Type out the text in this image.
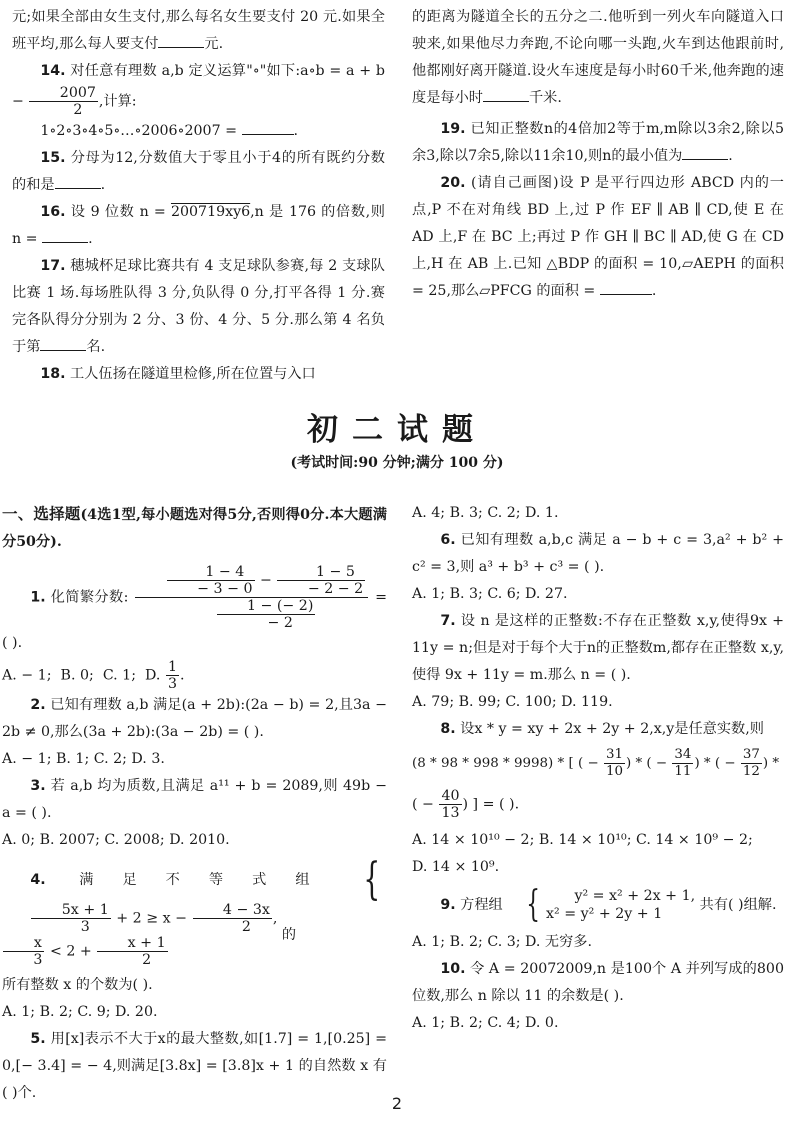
元;如果全部由女生支付,那么每名女生要支付 20 元.如果全班平均,那么每人要支付	元.

14. 对任意有理数 a,b 定义运算"∘"如下:a∘b = $a + b - \frac{2007}{2}$ ,计算:

1∘2∘3∘4∘5∘…∘2006∘2007 =	.

15. 分母为12,分数值大于零且小于4的所有既约分数的和是	.

16. 设 9 位数 n = 200719xy6,n 是 176 的倍数,则 n =	.

17. 穗城杯足球比赛共有 4 支足球队参赛,每 2 支球队比赛 1 场.每场胜队得 3 分,负队得 0 分,打平各得 1 分.赛完各队得分分别为 2 分、3 份、4 分、5 分.那么第 4 名负于第	名.

18. 工人伍扬在隧道里检修,所在位置与入口

的距离为隧道全长的五分之二.他听到一列火车向隧道入口驶来,如果他尽力奔跑,不论向哪一头跑,火车到达他跟前时,他都刚好离开隧道.设火车速度是每小时60千米,他奔跑的速度是每小时	千米.

19. 已知正整数n的4倍加2等于m,m除以3余2,除以5余3,除以7余5,除以11余10,则n的最小值为	.

20. (请自己画图)设 P 是平行四边形 ABCD 内的一点,P 不在对角线 BD 上,过 P 作 EF ∥ AB ∥ CD,使 E 在 AD 上,F 在 BC 上;再过 P 作 GH ∥ BC ∥ AD,使 G 在 CD 上,H 在 AB 上.已知 △BDP 的面积 = 10,▱AEPH 的面积 = 25,那么▱PFCG 的面积 =	.

初二试题
(考试时间:90 分钟;满分 100 分)

一、选择题(4选1型,每小题选对得5分,否则得0分.本大题满分50分).

1. 化简繁分数: $\frac{\frac{1 - 4}{- 3 - 0} - \frac{1 - 5}{- 2 - 2}}{\frac{1 - (- 2)}{- 2}}$ = ( ).

A. − 1; B. 0; C. 1; D. $\frac{1}{3}$ .

2. 已知有理数 a,b 满足(a + 2b):(2a − b) = 2,且3a − 2b ≠ 0,那么(3a + 2b):(3a − 2b) = ( ).

A. − 1; B. 1; C. 2; D. 3.

3. 若 a,b 均为质数,且满足 a¹¹ + b = 2089,则 49b − a = ( ).

A. 0; B. 2007; C. 2008; D. 2010.

4. 满足不等式组 {
$\frac{5x + 1}{3} + 2 \ge x - \frac{4 - 3x}{2}$ ,

$\frac{x}{3} < 2 + \frac{x + 1}{2}$	的

所有整数 x 的个数为( ).

A. 1; B. 2; C. 9; D. 20.

5. 用[x]表示不大于x的最大整数,如[1.7] = 1,[0.25] = 0,[− 3.4] = − 4,则满足[3.8x] = [3.8]x + 1 的自然数 x 有( )个.

A. 4; B. 3; C. 2; D. 1.

6. 已知有理数 a,b,c 满足 a − b + c = 3,a² + b² + c² = 3,则 a³ + b³ + c³ = ( ).

A. 1; B. 3; C. 6; D. 27.

7. 设 n 是这样的正整数:不存在正整数 x,y,使得9x + 11y = n;但是对于每个大于n的正整数m,都存在正整数 x,y,使得 9x + 11y = m.那么 n = ( ).

A. 79; B. 99; C. 100; D. 119.

8. 设x * y = xy + 2x + 2y + 2,x,y是任意实数,则

(8 * 98 * 998 * 9998) * [ ( − $\frac{31}{10}$ ) * ( − $\frac{34}{11}$ ) * ( − $\frac{37}{12}$ ) *

( − $\frac{40}{13}$ ) ] = ( ).

A. 14 × 10¹⁰ − 2; B. 14 × 10¹⁰; C. 14 × 10⁹ − 2;

D. 14 × 10⁹.

9. 方程组 { y² = x² + 2x + 1,
x² = y² + 2y + 1 共有( )组解.

A. 1; B. 2; C. 3; D. 无穷多.

10. 令 A = 20072009,n 是100个 A 并列写成的800 位数,那么 n 除以 11 的余数是( ).

A. 1; B. 2; C. 4; D. 0.

2
